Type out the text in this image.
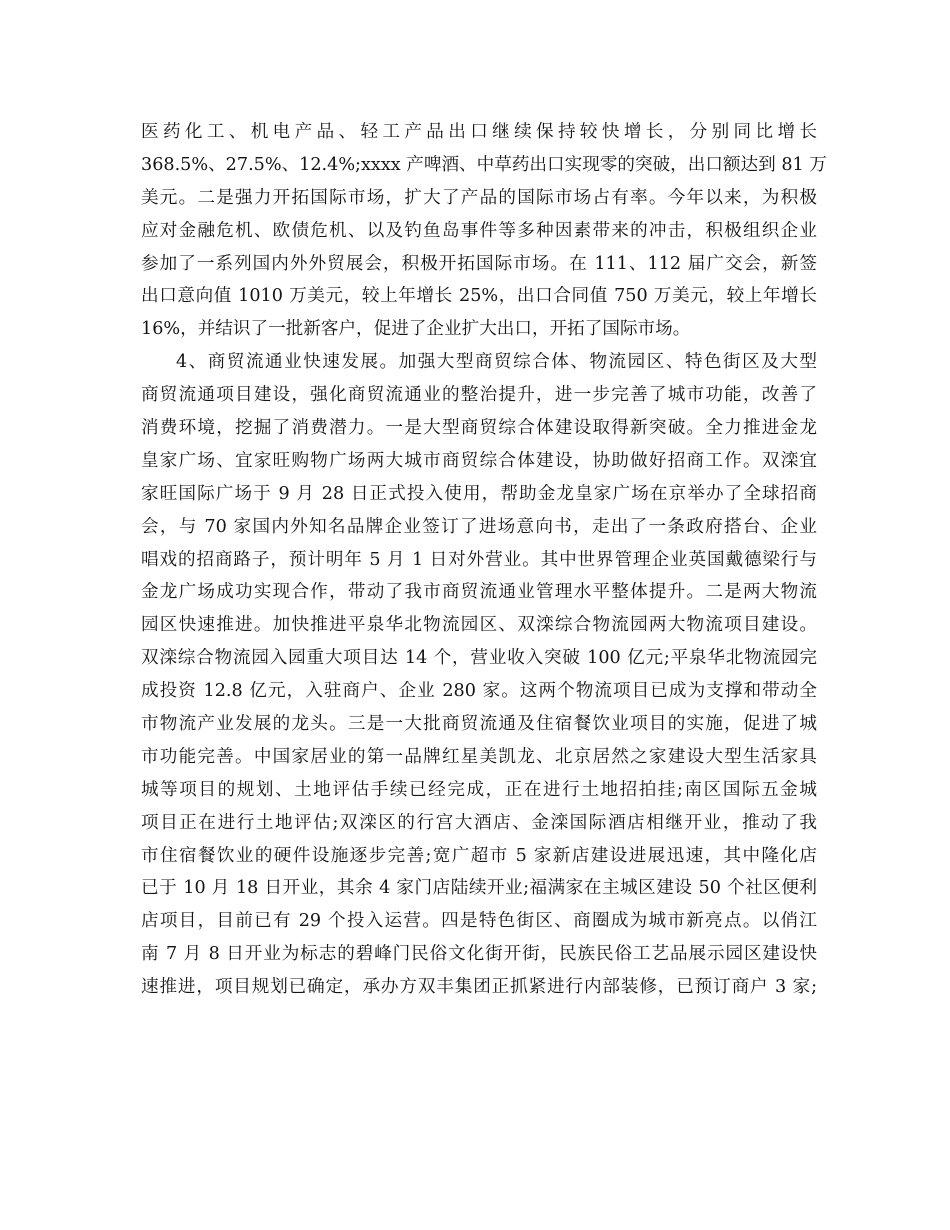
医药化工、机电产品、轻工产品出口继续保持较快增长，分别同比增长
368.5%、27.5%、12.4%;xxxx 产啤酒、中草药出口实现零的突破，出口额达到 81 万
美元。二是强力开拓国际市场，扩大了产品的国际市场占有率。今年以来，为积极
应对金融危机、欧债危机、以及钓鱼岛事件等多种因素带来的冲击，积极组织企业
参加了一系列国内外外贸展会，积极开拓国际市场。在 111、112 届广交会，新签
出口意向值 1010 万美元，较上年增长 25%，出口合同值 750 万美元，较上年增长
16%，并结识了一批新客户，促进了企业扩大出口，开拓了国际市场。
4、商贸流通业快速发展。加强大型商贸综合体、物流园区、特色街区及大型
商贸流通项目建设，强化商贸流通业的整治提升，进一步完善了城市功能，改善了
消费环境，挖掘了消费潜力。一是大型商贸综合体建设取得新突破。全力推进金龙
皇家广场、宜家旺购物广场两大城市商贸综合体建设，协助做好招商工作。双滦宜
家旺国际广场于 9 月 28 日正式投入使用，帮助金龙皇家广场在京举办了全球招商
会，与 70 家国内外知名品牌企业签订了进场意向书，走出了一条政府搭台、企业
唱戏的招商路子，预计明年 5 月 1 日对外营业。其中世界管理企业英国戴德梁行与
金龙广场成功实现合作，带动了我市商贸流通业管理水平整体提升。二是两大物流
园区快速推进。加快推进平泉华北物流园区、双滦综合物流园两大物流项目建设。
双滦综合物流园入园重大项目达 14 个，营业收入突破 100 亿元;平泉华北物流园完
成投资 12.8 亿元，入驻商户、企业 280 家。这两个物流项目已成为支撑和带动全
市物流产业发展的龙头。三是一大批商贸流通及住宿餐饮业项目的实施，促进了城
市功能完善。中国家居业的第一品牌红星美凯龙、北京居然之家建设大型生活家具
城等项目的规划、土地评估手续已经完成，正在进行土地招拍挂;南区国际五金城
项目正在进行土地评估;双滦区的行宫大酒店、金滦国际酒店相继开业，推动了我
市住宿餐饮业的硬件设施逐步完善;宽广超市 5 家新店建设进展迅速，其中隆化店
已于 10 月 18 日开业，其余 4 家门店陆续开业;福满家在主城区建设 50 个社区便利
店项目，目前已有 29 个投入运营。四是特色街区、商圈成为城市新亮点。以俏江
南 7 月 8 日开业为标志的碧峰门民俗文化街开街，民族民俗工艺品展示园区建设快
速推进，项目规划已确定，承办方双丰集团正抓紧进行内部装修，已预订商户 3 家;
